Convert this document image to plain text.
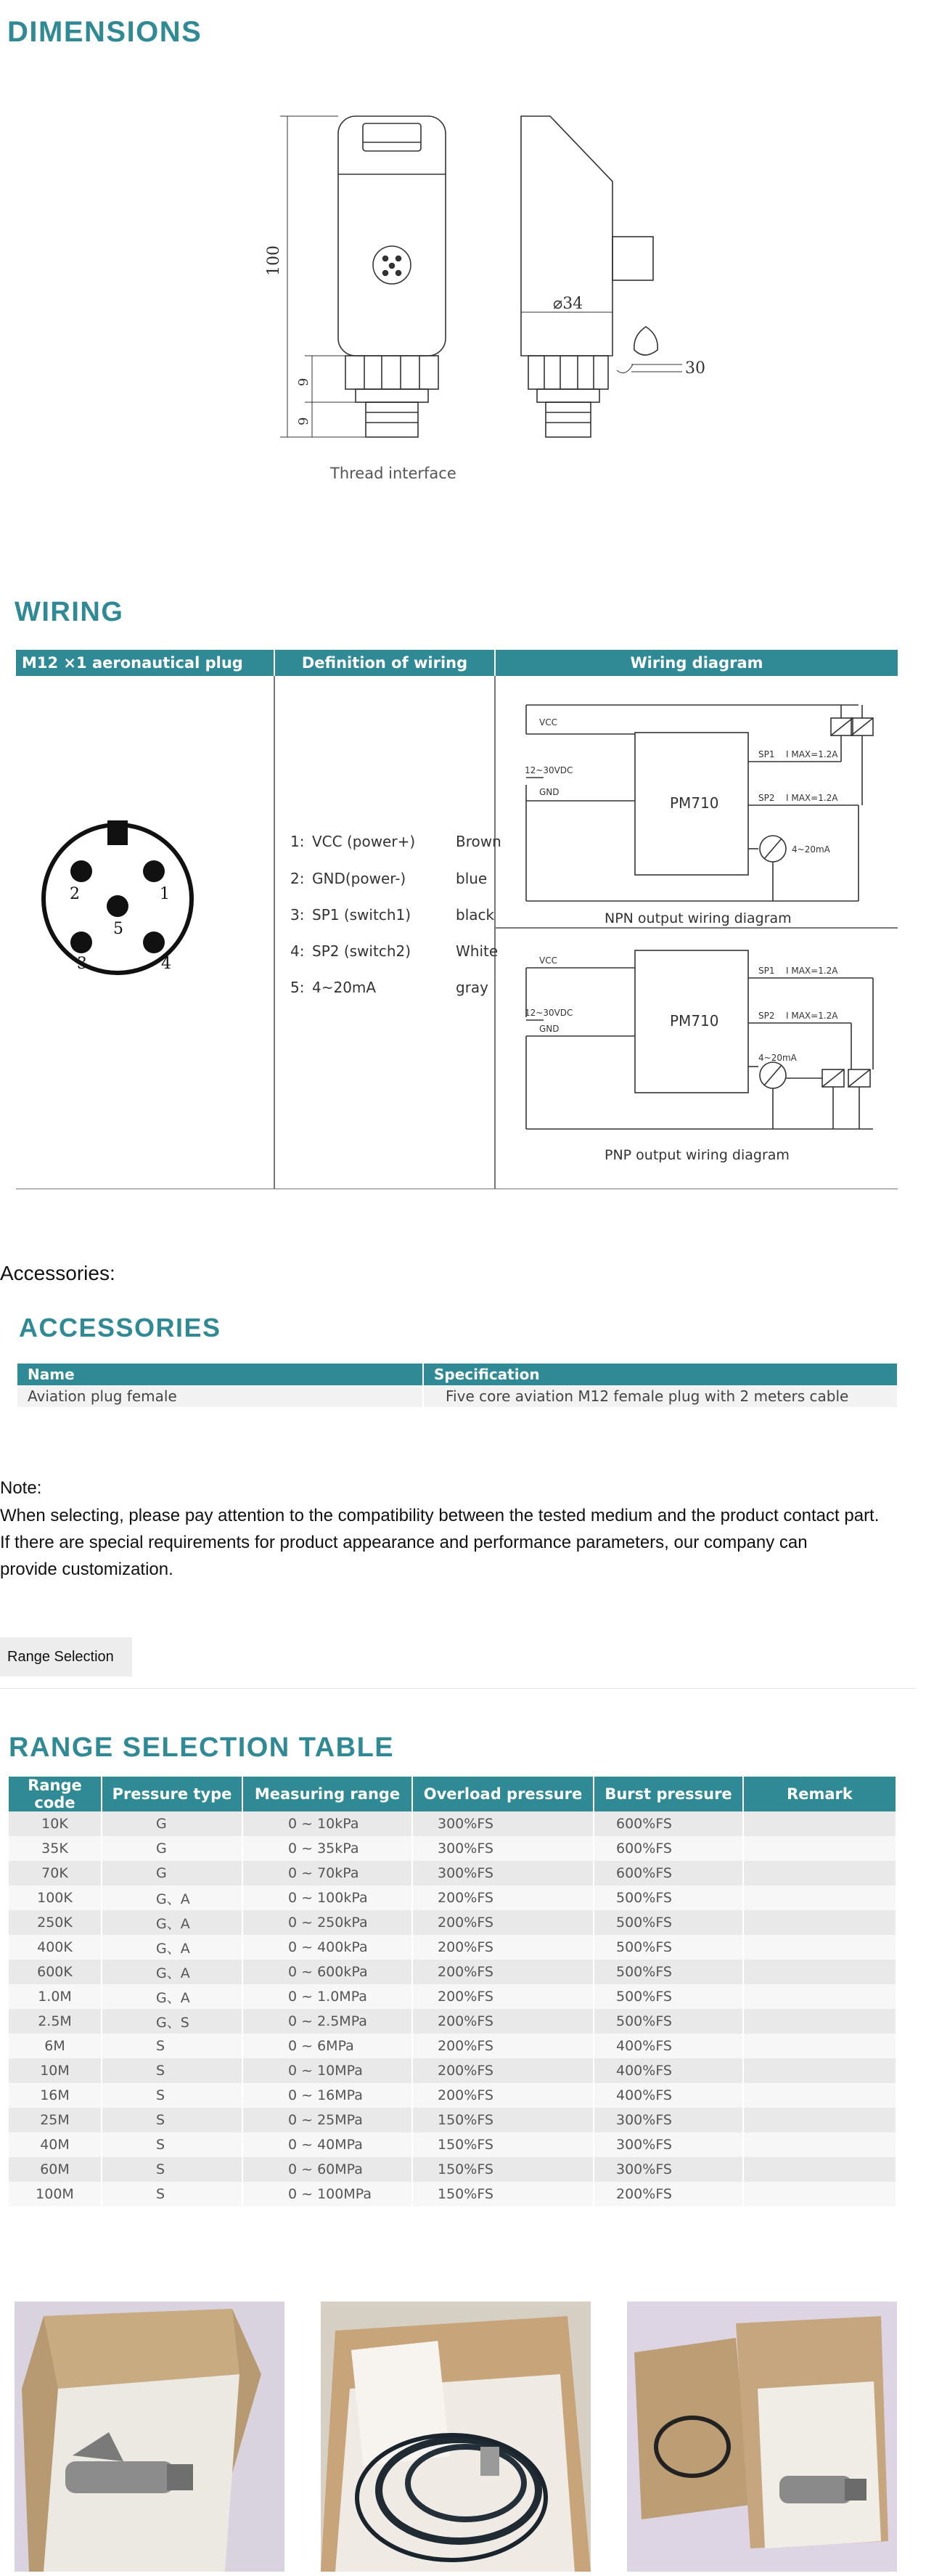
DIMENSIONS
100
9
9
⌀34
30
Thread interface
WIRING
M12 ×1 aeronautical plug body
Definition of wiring	Wiring diagram
1
2
3	4
5
1: VCC (power+)	Brown
2: GND(power-)	blue
3: SP1 (switch1)	black
4: SP2 (switch2)	White
5: 4~20mA	gray
VCC
12~30VDC
GND
SP1
SP2
I MAX=1.2A
I MAX=1.2A
4~20mA
PM710
NPN output wiring diagram
VCC
12~30VDC
GND
SP1
SP2
I MAX=1.2A
I MAX=1.2A
4~20mA
PM710
PNP output wiring diagram
Accessories:
ACCESSORIES
Name	Specification
Aviation plug female	Five core aviation M12 female plug with 2 meters cable
Note:
When selecting, please pay attention to the compatibility between the tested medium and the product contact part.
If there are special requirements for product appearance and performance parameters, our company can
provide customization.
Range Selection
RANGE SELECTION TABLE
Range code	Pressure type	Measuring range	Overload pressure	Burst pressure	Remark
10K	G	0 ~ 10kPa	300%FS	600%FS	
35K	G	0 ~ 35kPa	300%FS	600%FS	
70K	G	0 ~ 70kPa	300%FS	600%FS	
100K	G、A	0 ~ 100kPa	200%FS	500%FS	
250K	G、A	0 ~ 250kPa	200%FS	500%FS	
400K	G、A	0 ~ 400kPa	200%FS	500%FS	
600K	G、A	0 ~ 600kPa	200%FS	500%FS	
1.0M	G、A	0 ~ 1.0MPa	200%FS	500%FS	
2.5M	G、S	0 ~ 2.5MPa	200%FS	500%FS	
6M	S	0 ~ 6MPa	200%FS	400%FS	
10M	S	0 ~ 10MPa	200%FS	400%FS	
16M	S	0 ~ 16MPa	200%FS	400%FS	
25M	S	0 ~ 25MPa	150%FS	300%FS	
40M	S	0 ~ 40MPa	150%FS	300%FS	
60M	S	0 ~ 60MPa	150%FS	300%FS	
100M	S	0 ~ 100MPa	150%FS	200%FS	
